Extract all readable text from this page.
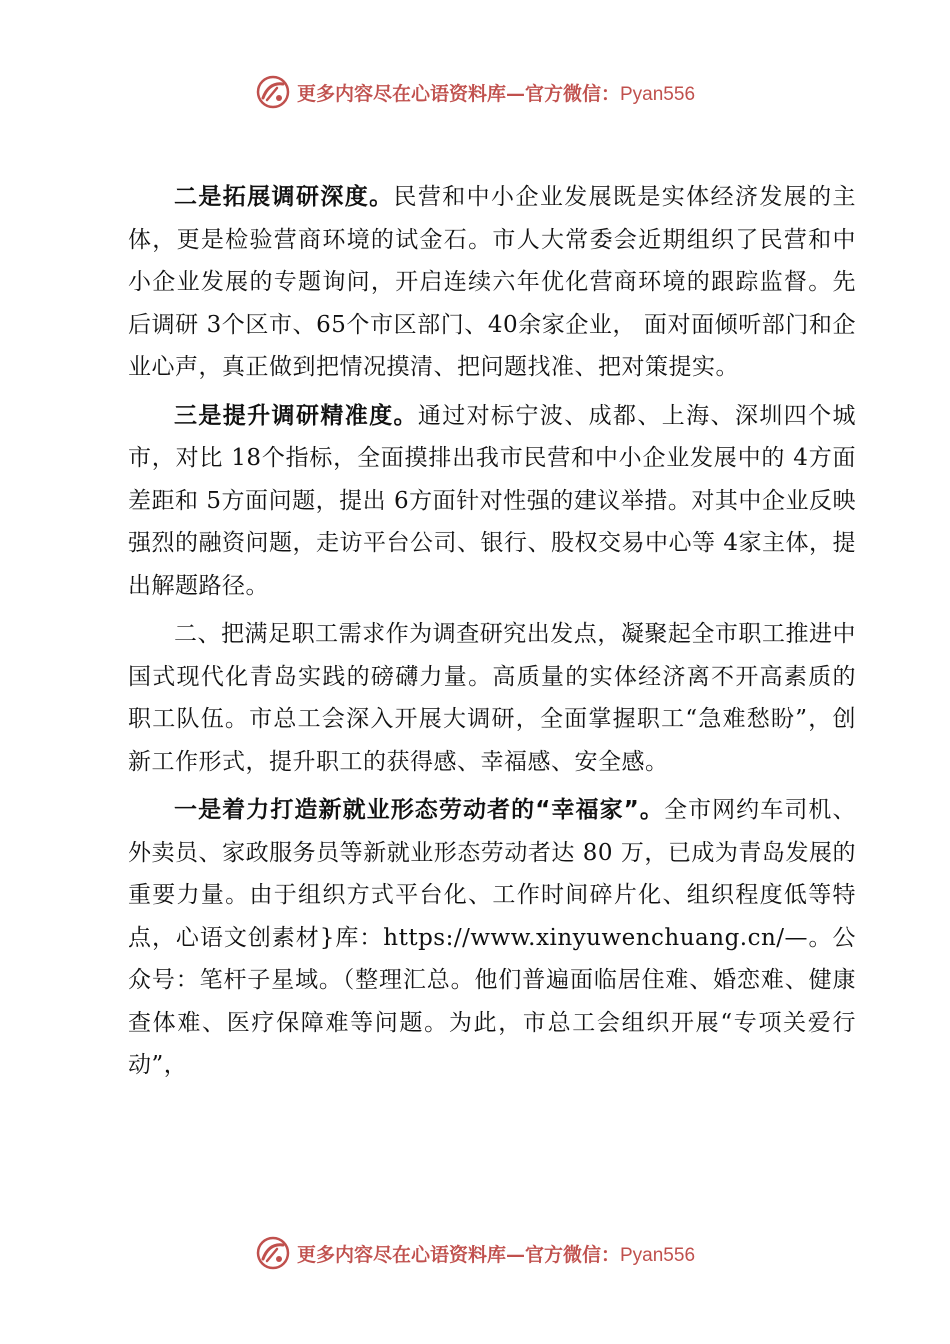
更多内容尽在心语资料库—官方微信：Pyan556

二是拓展调研深度。民营和中小企业发展既是实体经济发展的主体，更是检验营商环境的试金石。市人大常委会近期组织了民营和中小企业发展的专题询问，开启连续六年优化营商环境的跟踪监督。先后调研 3个区市、65个市区部门、40余家企业， 面对面倾听部门和企业心声，真正做到把情况摸清、把问题找准、把对策提实。

三是提升调研精准度。通过对标宁波、成都、上海、深圳四个城市，对比 18个指标，全面摸排出我市民营和中小企业发展中的 4方面差距和 5方面问题，提出 6方面针对性强的建议举措。对其中企业反映强烈的融资问题，走访平台公司、银行、股权交易中心等 4家主体，提出解题路径。

二、把满足职工需求作为调查研究出发点，凝聚起全市职工推进中国式现代化青岛实践的磅礴力量。高质量的实体经济离不开高素质的职工队伍。市总工会深入开展大调研，全面掌握职工“急难愁盼”，创新工作形式，提升职工的获得感、幸福感、安全感。

一是着力打造新就业形态劳动者的“幸福家”。全市网约车司机、外卖员、家政服务员等新就业形态劳动者达 80 万，已成为青岛发展的重要力量。由于组织方式平台化、工作时间碎片化、组织程度低等特点，心语文创素材}库：https://www.xinyuwenchuang.cn/—。公众号：笔杆子星域。（整理汇总。他们普遍面临居住难、婚恋难、健康查体难、医疗保障难等问题。为此，市总工会组织开展“专项关爱行动”，

更多内容尽在心语资料库—官方微信：Pyan556
